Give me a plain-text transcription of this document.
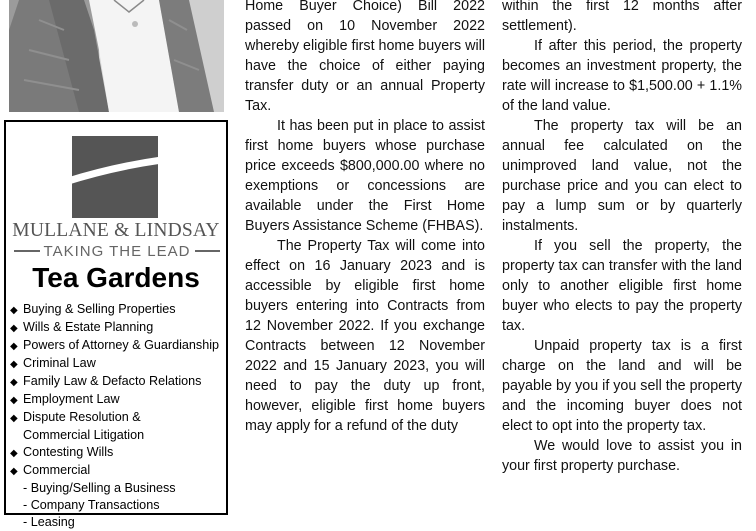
MULLANE & LINDSAY
TAKING THE LEAD
Tea Gardens
◆ Buying & Selling Properties
◆ Wills & Estate Planning
◆ Powers of Attorney & Guardianship
◆ Criminal Law
◆ Family Law & Defacto Relations
◆ Employment Law
◆ Dispute Resolution &
Commercial Litigation
◆ Contesting Wills
◆ Commercial
- Buying/Selling a Business
- Company Transactions
- Leasing

Home Buyer Choice) Bill 2022 passed on 10 November 2022 whereby eligible first home buyers will have the choice of either paying transfer duty or an annual Property Tax.

It has been put in place to assist first home buyers whose purchase price exceeds $800,000.00 where no exemptions or concessions are available under the First Home Buyers Assistance Scheme (FHBAS).

The Property Tax will come into effect on 16 January 2023 and is accessible by eligible first home buyers entering into Contracts from 12 November 2022. If you exchange Contracts between 12 November 2022 and 15 January 2023, you will need to pay the duty up front, however, eligible first home buyers may apply for a refund of the duty

within the first 12 months after settlement).

If after this period, the property becomes an investment property, the rate will increase to $1,500.00 + 1.1% of the land value.

The property tax will be an annual fee calculated on the unimproved land value, not the purchase price and you can elect to pay a lump sum or by quarterly instalments.

If you sell the property, the property tax can transfer with the land only to another eligible first home buyer who elects to pay the property tax.

Unpaid property tax is a first charge on the land and will be payable by you if you sell the property and the incoming buyer does not elect to opt into the property tax.

We would love to assist you in your first property purchase.
